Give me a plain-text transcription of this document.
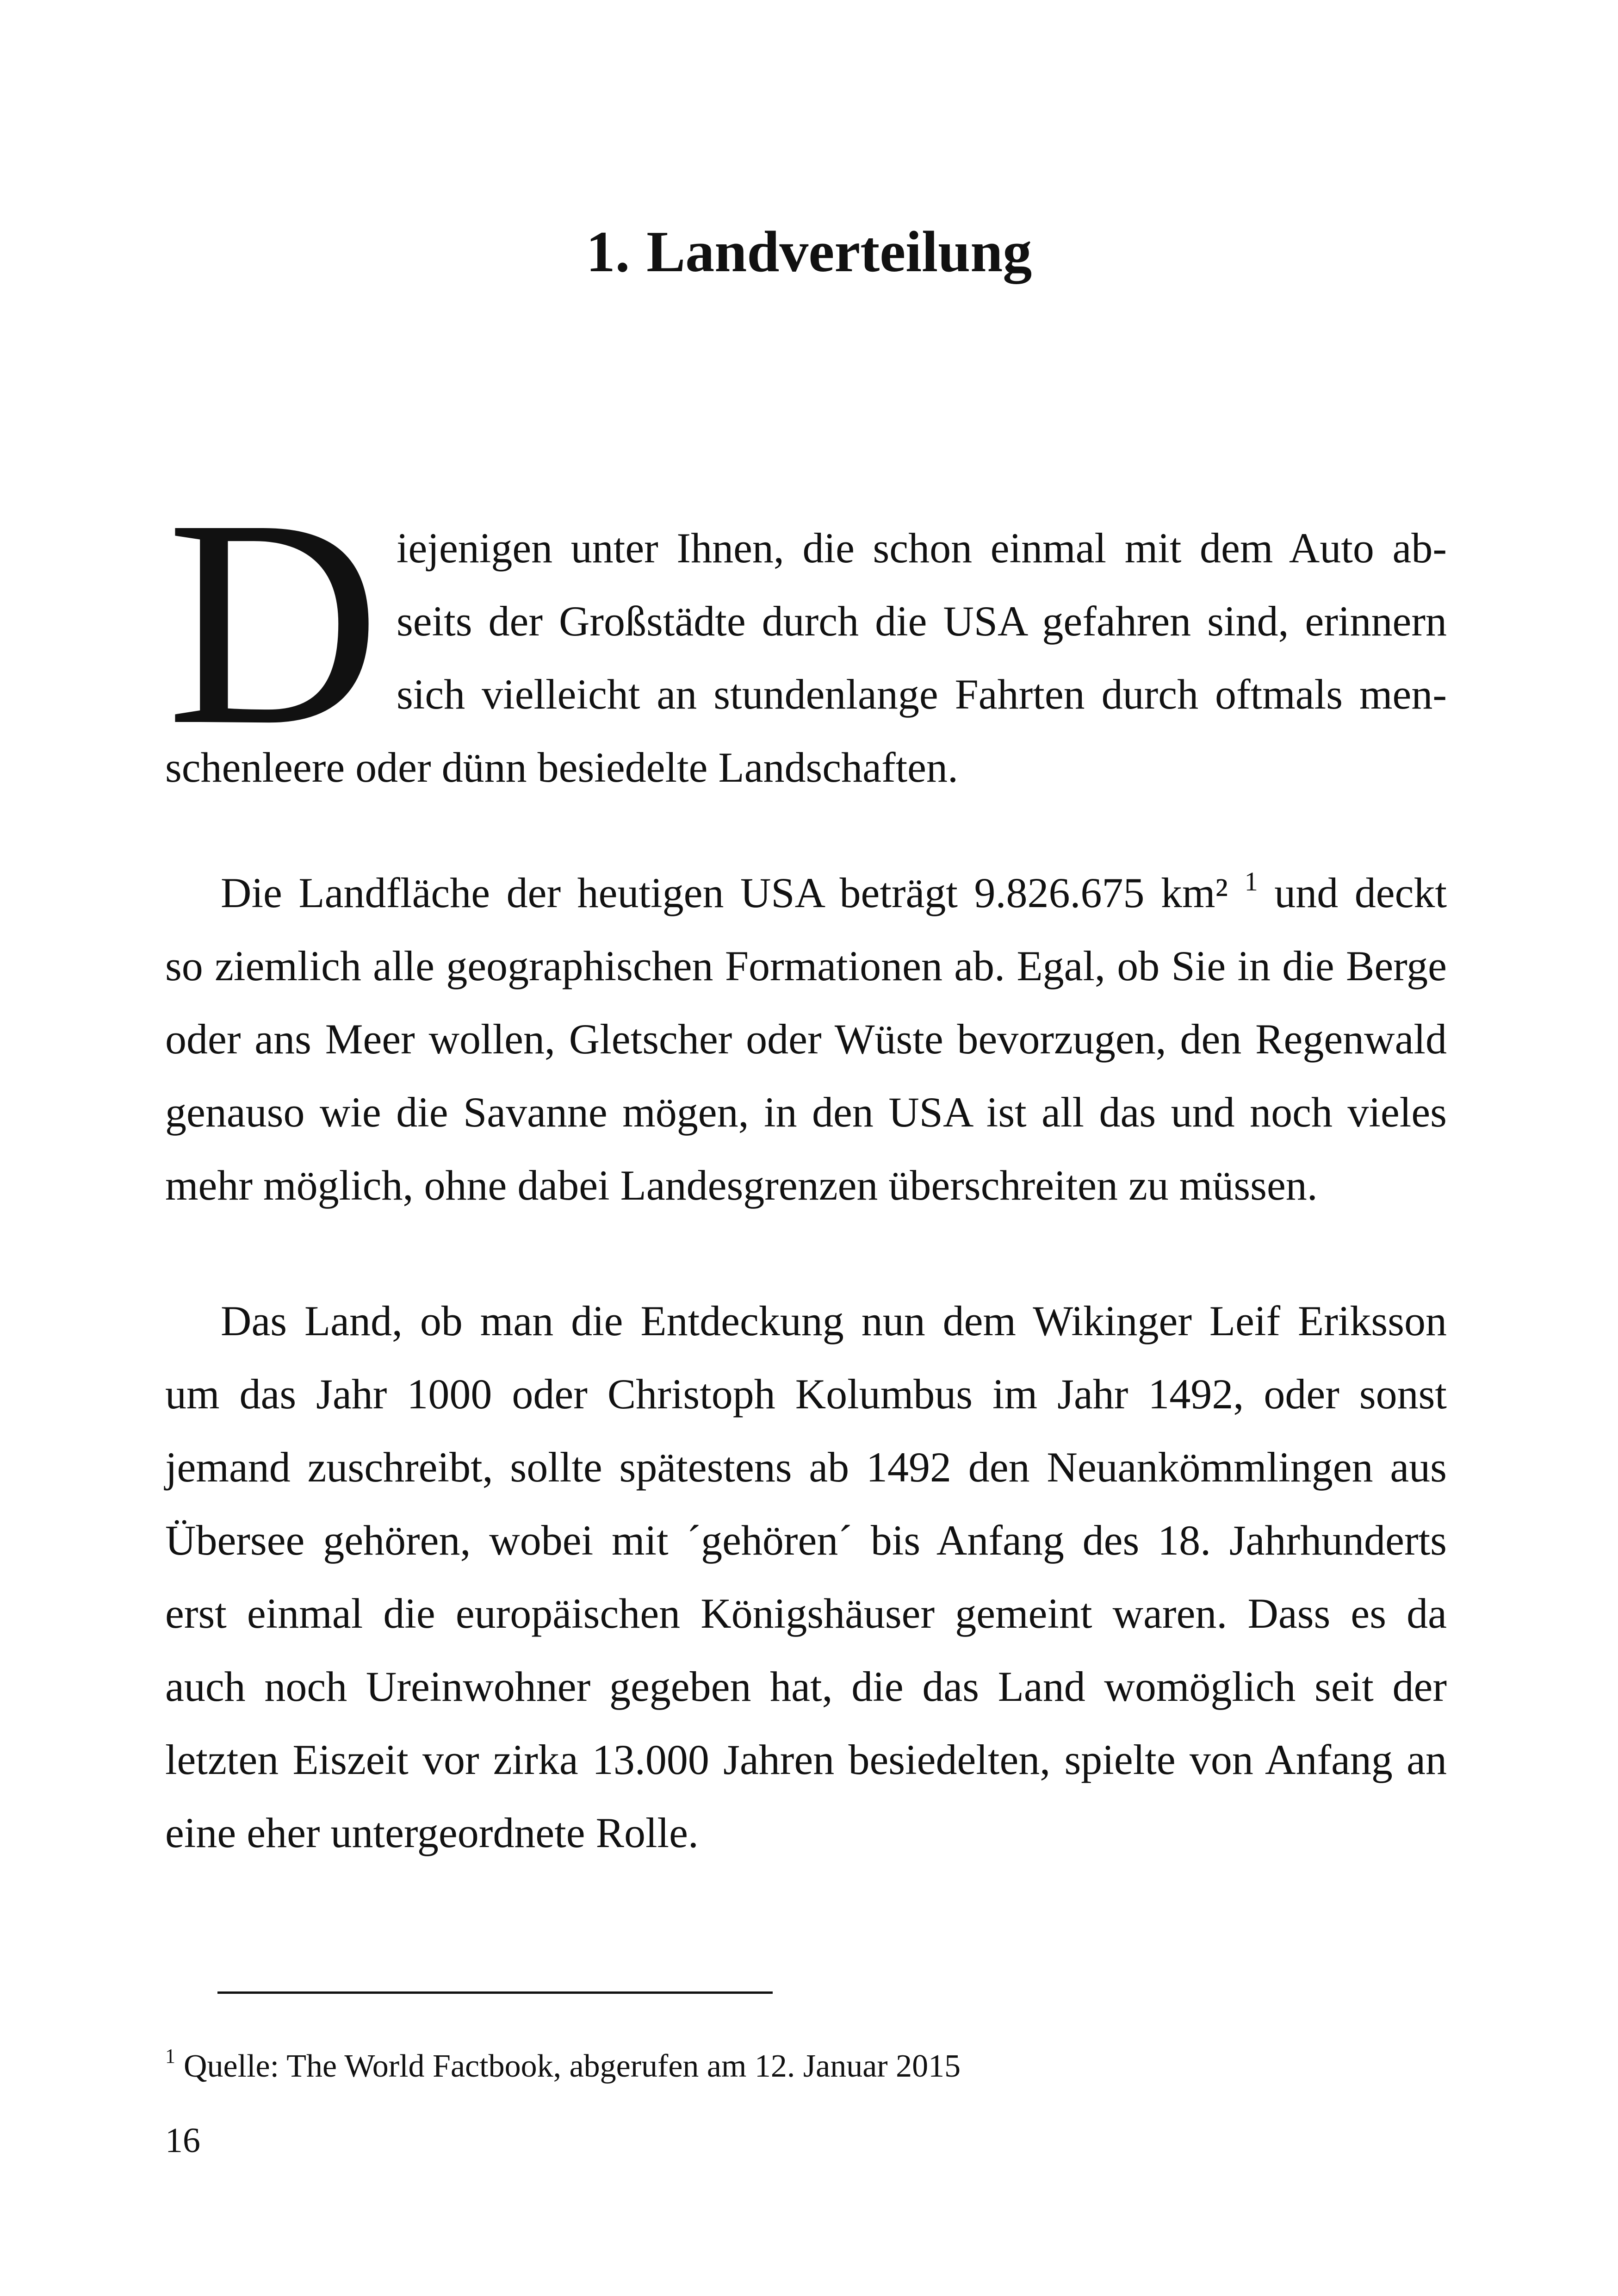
1. Landverteilung
D iejenigen unter Ihnen, die schon einmal mit dem Auto ab-
seits der Großstädte durch die USA gefahren sind, erinnern
sich vielleicht an stundenlange Fahrten durch oftmals men-
schenleere oder dünn besiedelte Landschaften.
Die Landfläche der heutigen USA beträgt 9.826.675 km² $^1$ und deckt
so ziemlich alle geographischen Formationen ab. Egal, ob Sie in die Berge
oder ans Meer wollen, Gletscher oder Wüste bevorzugen, den Regenwald
genauso wie die Savanne mögen, in den USA ist all das und noch vieles
mehr möglich, ohne dabei Landesgrenzen überschreiten zu müssen.
Das Land, ob man die Entdeckung nun dem Wikinger Leif Eriksson
um das Jahr 1000 oder Christoph Kolumbus im Jahr 1492, oder sonst
jemand zuschreibt, sollte spätestens ab 1492 den Neuankömmlingen aus
Übersee gehören, wobei mit ´gehören´ bis Anfang des 18. Jahrhunderts
erst einmal die europäischen Königshäuser gemeint waren. Dass es da
auch noch Ureinwohner gegeben hat, die das Land womöglich seit der
letzten Eiszeit vor zirka 13.000 Jahren besiedelten, spielte von Anfang an
eine eher untergeordnete Rolle.
$^1$ Quelle: The World Factbook, abgerufen am 12. Januar 2015
16
